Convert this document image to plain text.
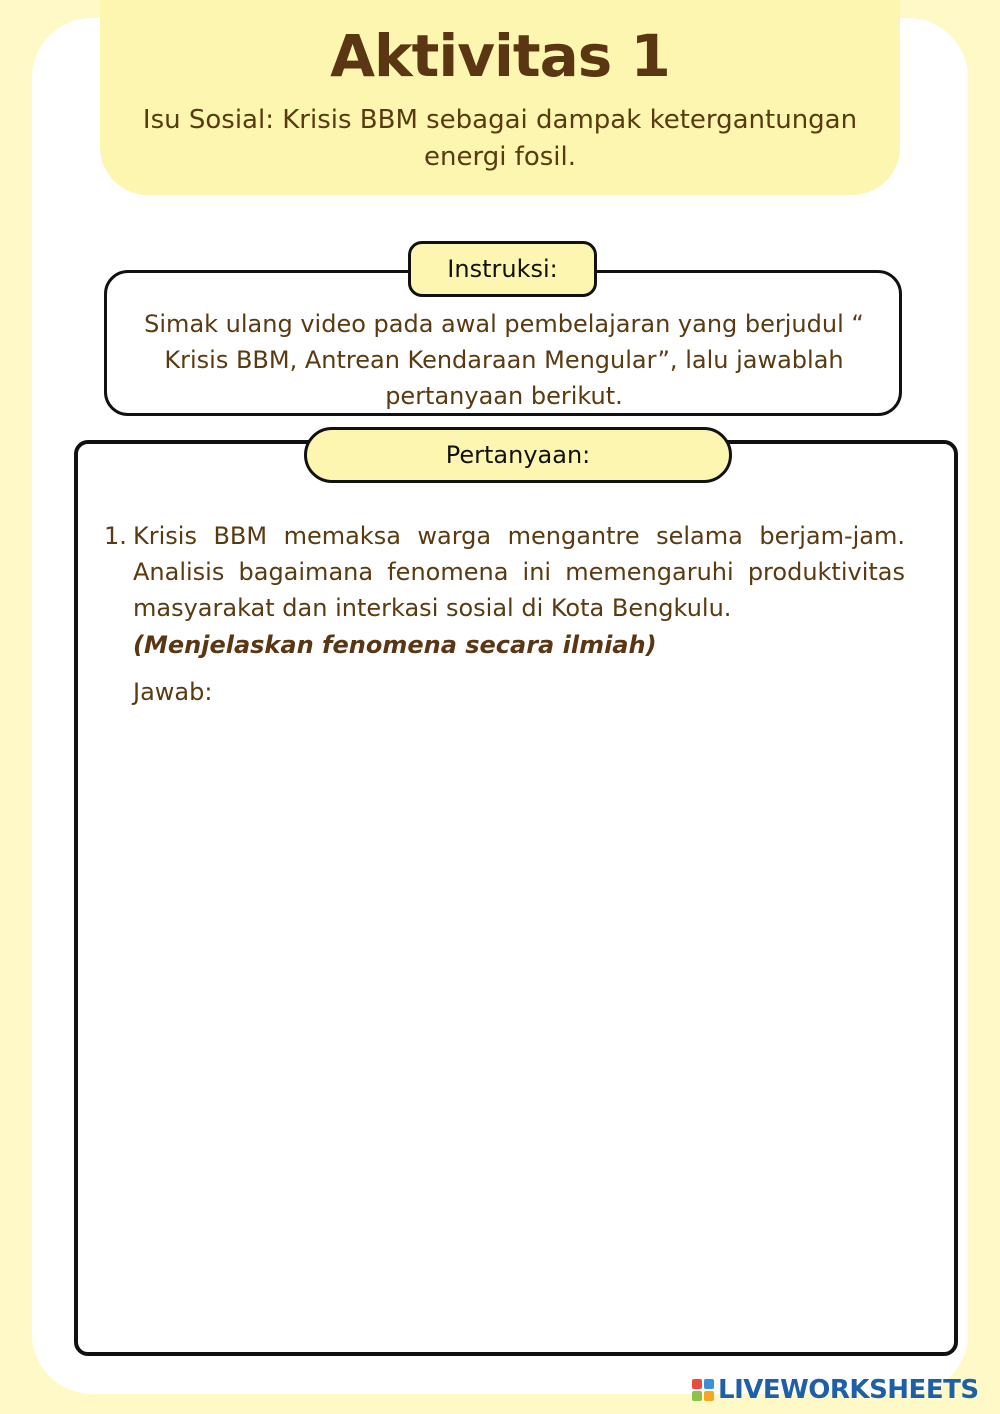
Aktivitas 1
Isu Sosial: Krisis BBM sebagai dampak ketergantungan energi fosil.
Simak ulang video pada awal pembelajaran yang berjudul “ Krisis BBM, Antrean Kendaraan Mengular”, lalu jawablah pertanyaan berikut.
Instruksi:
Pertanyaan:
1. Krisis BBM memaksa warga mengantre selama berjam-jam. Analisis bagaimana fenomena ini memengaruhi produktivitas masyarakat dan interkasi sosial di Kota Bengkulu.
(Menjelaskan fenomena secara ilmiah)
Jawab:
LIVEWORKSHEETS
